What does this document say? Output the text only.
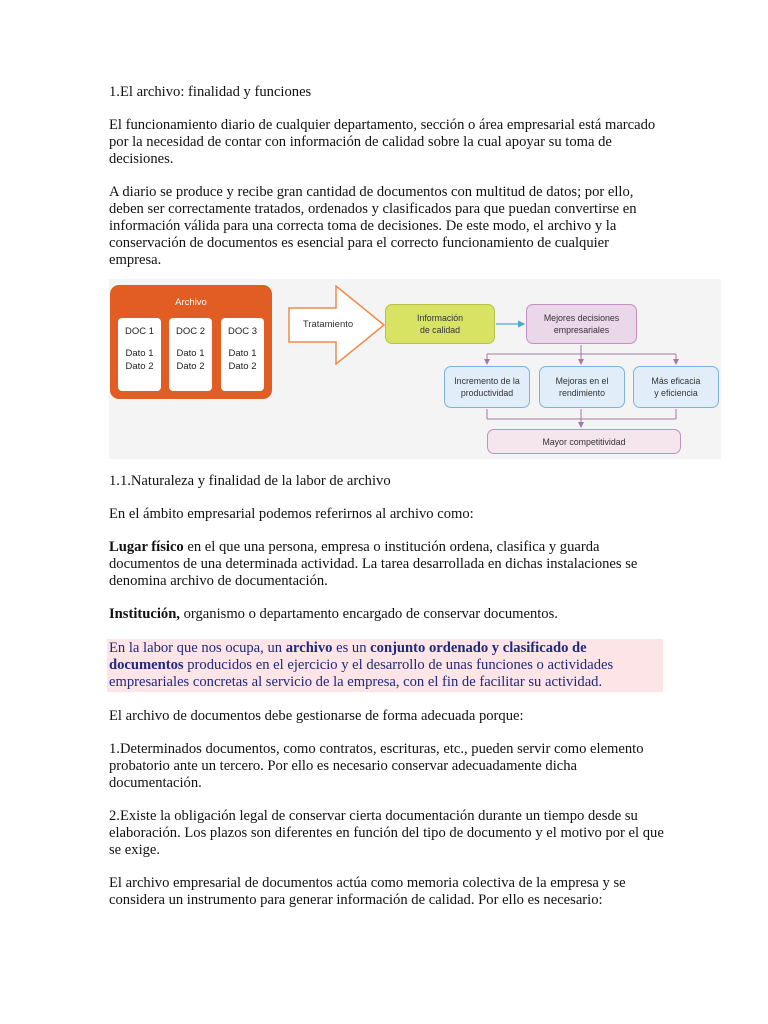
1.El archivo: finalidad y funciones

El funcionamiento diario de cualquier departamento, sección o área empresarial está marcado por la necesidad de contar con información de calidad sobre la cual apoyar su toma de decisiones.

A diario se produce y recibe gran cantidad de documentos con multitud de datos; por ello, deben ser correctamente tratados, ordenados y clasificados para que puedan convertirse en información válida para una correcta toma de decisiones. De este modo, el archivo y la conservación de documentos es esencial para el correcto funcionamiento de cualquier empresa.

Archivo
DOC 1
Dato 1
Dato 2
DOC 2
Dato 1
Dato 2
DOC 3
Dato 1
Dato 2
Tratamiento
Información
de calidad
Mejores decisiones
empresariales
Incremento de la
productividad
Mejoras en el
rendimiento
Más eficacia
y eficiencia
Mayor competitividad

1.1.Naturaleza y finalidad de la labor de archivo

En el ámbito empresarial podemos referirnos al archivo como:

Lugar físico en el que una persona, empresa o institución ordena, clasifica y guarda documentos de una determinada actividad. La tarea desarrollada en dichas instalaciones se denomina archivo de documentación.

Institución, organismo o departamento encargado de conservar documentos.

En la labor que nos ocupa, un archivo es un conjunto ordenado y clasificado de documentos producidos en el ejercicio y el desarrollo de unas funciones o actividades empresariales concretas al servicio de la empresa, con el fin de facilitar su actividad.

El archivo de documentos debe gestionarse de forma adecuada porque:

1.Determinados documentos, como contratos, escrituras, etc., pueden servir como elemento probatorio ante un tercero. Por ello es necesario conservar adecuadamente dicha documentación.

2.Existe la obligación legal de conservar cierta documentación durante un tiempo desde su elaboración. Los plazos son diferentes en función del tipo de documento y el motivo por el que se exige.

El archivo empresarial de documentos actúa como memoria colectiva de la empresa y se considera un instrumento para generar información de calidad. Por ello es necesario:
